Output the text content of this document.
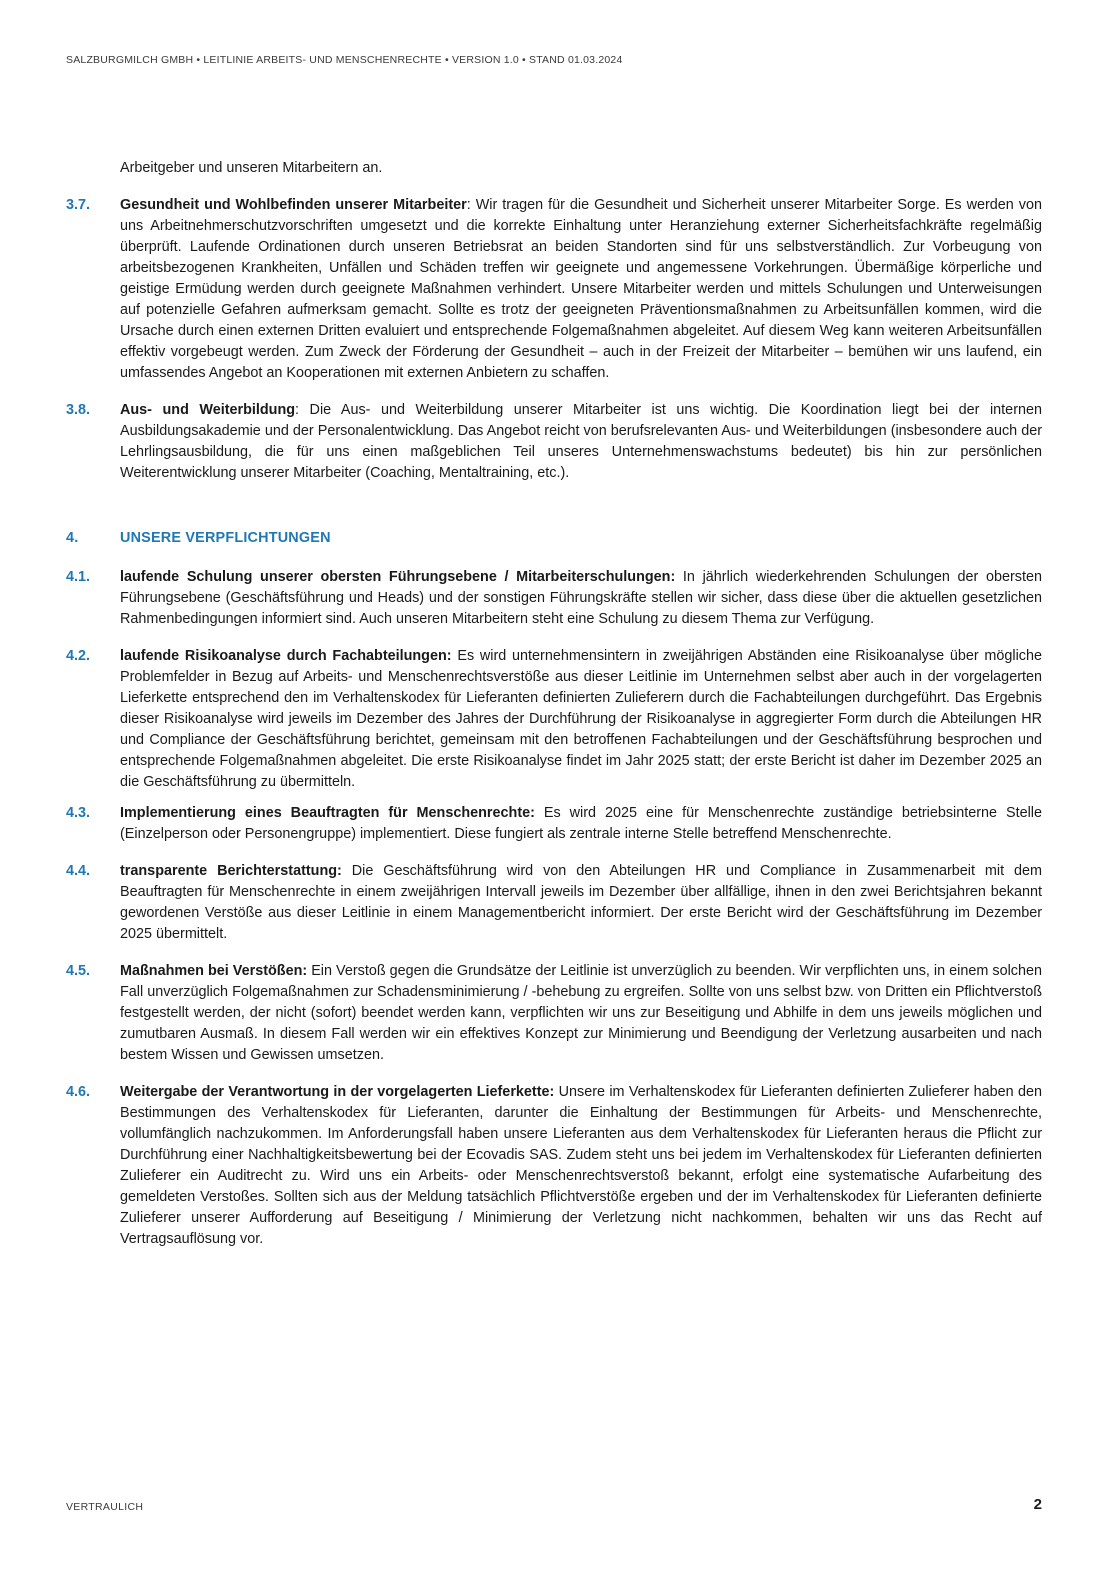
SALZBURGMILCH GMBH • LEITLINIE ARBEITS- UND MENSCHENRECHTE • VERSION 1.0 • STAND 01.03.2024
Arbeitgeber und unseren Mitarbeitern an.
3.7.	Gesundheit und Wohlbefinden unserer Mitarbeiter: Wir tragen für die Gesundheit und Sicherheit unserer Mitarbeiter Sorge. Es werden von uns Arbeitnehmerschutzvorschriften umgesetzt und die korrekte Einhaltung unter Heranziehung externer Sicherheitsfachkräfte regelmäßig überprüft. Laufende Ordinationen durch unseren Betriebsrat an beiden Standorten sind für uns selbstverständlich. Zur Vorbeugung von arbeitsbezogenen Krankheiten, Unfällen und Schäden treffen wir geeignete und angemessene Vorkehrungen. Übermäßige körperliche und geistige Ermüdung werden durch geeignete Maßnahmen verhindert. Unsere Mitarbeiter werden und mittels Schulungen und Unterweisungen auf potenzielle Gefahren aufmerksam gemacht. Sollte es trotz der geeigneten Präventionsmaßnahmen zu Arbeitsunfällen kommen, wird die Ursache durch einen externen Dritten evaluiert und entsprechende Folgemaßnahmen abgeleitet. Auf diesem Weg kann weiteren Arbeitsunfällen effektiv vorgebeugt werden. Zum Zweck der Förderung der Gesundheit – auch in der Freizeit der Mitarbeiter – bemühen wir uns laufend, ein umfassendes Angebot an Kooperationen mit externen Anbietern zu schaffen.
3.8.	Aus- und Weiterbildung: Die Aus- und Weiterbildung unserer Mitarbeiter ist uns wichtig. Die Koordination liegt bei der internen Ausbildungsakademie und der Personalentwicklung. Das Angebot reicht von berufsrelevanten Aus- und Weiterbildungen (insbesondere auch der Lehrlingsausbildung, die für uns einen maßgeblichen Teil unseres Unternehmenswachstums bedeutet) bis hin zur persönlichen Weiterentwicklung unserer Mitarbeiter (Coaching, Mentaltraining, etc.).
4.	UNSERE VERPFLICHTUNGEN
4.1.	laufende Schulung unserer obersten Führungsebene / Mitarbeiterschulungen: In jährlich wiederkehrenden Schulungen der obersten Führungsebene (Geschäftsführung und Heads) und der sonstigen Führungskräfte stellen wir sicher, dass diese über die aktuellen gesetzlichen Rahmenbedingungen informiert sind. Auch unseren Mitarbeitern steht eine Schulung zu diesem Thema zur Verfügung.
4.2.	laufende Risikoanalyse durch Fachabteilungen: Es wird unternehmensintern in zweijährigen Abständen eine Risikoanalyse über mögliche Problemfelder in Bezug auf Arbeits- und Menschenrechtsverstöße aus dieser Leitlinie im Unternehmen selbst aber auch in der vorgelagerten Lieferkette entsprechend den im Verhaltenskodex für Lieferanten definierten Zulieferern durch die Fachabteilungen durchgeführt. Das Ergebnis dieser Risikoanalyse wird jeweils im Dezember des Jahres der Durchführung der Risikoanalyse in aggregierter Form durch die Abteilungen HR und Compliance der Geschäftsführung berichtet, gemeinsam mit den betroffenen Fachabteilungen und der Geschäftsführung besprochen und entsprechende Folgemaßnahmen abgeleitet. Die erste Risikoanalyse findet im Jahr 2025 statt; der erste Bericht ist daher im Dezember 2025 an die Geschäftsführung zu übermitteln.
4.3.	Implementierung eines Beauftragten für Menschenrechte: Es wird 2025 eine für Menschenrechte zuständige betriebsinterne Stelle (Einzelperson oder Personengruppe) implementiert. Diese fungiert als zentrale interne Stelle betreffend Menschenrechte.
4.4.	transparente Berichterstattung: Die Geschäftsführung wird von den Abteilungen HR und Compliance in Zusammenarbeit mit dem Beauftragten für Menschenrechte in einem zweijährigen Intervall jeweils im Dezember über allfällige, ihnen in den zwei Berichtsjahren bekannt gewordenen Verstöße aus dieser Leitlinie in einem Managementbericht informiert. Der erste Bericht wird der Geschäftsführung im Dezember 2025 übermittelt.
4.5.	Maßnahmen bei Verstößen: Ein Verstoß gegen die Grundsätze der Leitlinie ist unverzüglich zu beenden. Wir verpflichten uns, in einem solchen Fall unverzüglich Folgemaßnahmen zur Schadensminimierung / -behebung zu ergreifen. Sollte von uns selbst bzw. von Dritten ein Pflichtverstoß festgestellt werden, der nicht (sofort) beendet werden kann, verpflichten wir uns zur Beseitigung und Abhilfe in dem uns jeweils möglichen und zumutbaren Ausmaß. In diesem Fall werden wir ein effektives Konzept zur Minimierung und Beendigung der Verletzung ausarbeiten und nach bestem Wissen und Gewissen umsetzen.
4.6.	Weitergabe der Verantwortung in der vorgelagerten Lieferkette: Unsere im Verhaltenskodex für Lieferanten definierten Zulieferer haben den Bestimmungen des Verhaltenskodex für Lieferanten, darunter die Einhaltung der Bestimmungen für Arbeits- und Menschenrechte, vollumfänglich nachzukommen. Im Anforderungsfall haben unsere Lieferanten aus dem Verhaltenskodex für Lieferanten heraus die Pflicht zur Durchführung einer Nachhaltigkeitsbewertung bei der Ecovadis SAS. Zudem steht uns bei jedem im Verhaltenskodex für Lieferanten definierten Zulieferer ein Auditrecht zu. Wird uns ein Arbeits- oder Menschenrechtsverstoß bekannt, erfolgt eine systematische Aufarbeitung des gemeldeten Verstoßes. Sollten sich aus der Meldung tatsächlich Pflichtverstöße ergeben und der im Verhaltenskodex für Lieferanten definierte Zulieferer unserer Aufforderung auf Beseitigung / Minimierung der Verletzung nicht nachkommen, behalten wir uns das Recht auf Vertragsauflösung vor.
VERTRAULICH	2
